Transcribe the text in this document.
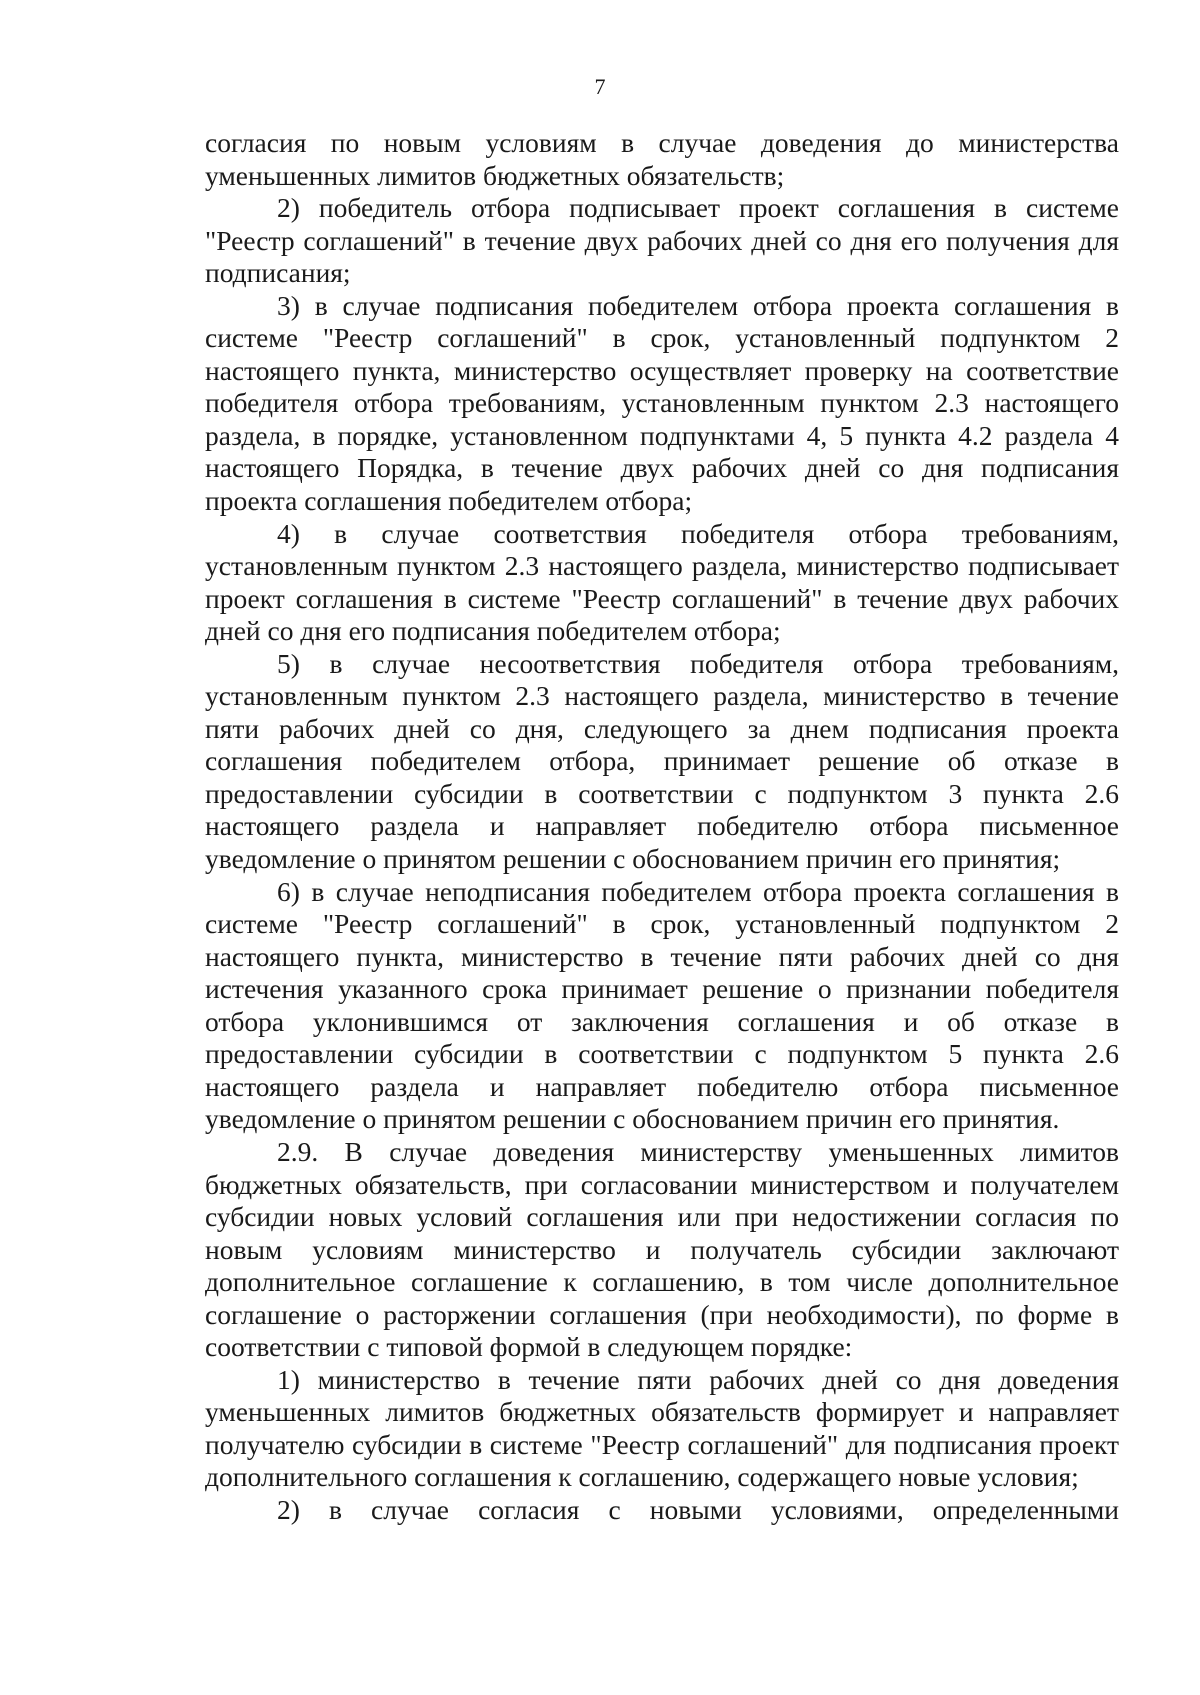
7

согласия по новым условиям в случае доведения до министерства уменьшенных лимитов бюджетных обязательств;

2) победитель отбора подписывает проект соглашения в системе "Реестр соглашений" в течение двух рабочих дней со дня его получения для подписания;

3) в случае подписания победителем отбора проекта соглашения в системе "Реестр соглашений" в срок, установленный подпунктом 2 настоящего пункта, министерство осуществляет проверку на соответствие победителя отбора требованиям, установленным пунктом 2.3 настоящего раздела, в порядке, установленном подпунктами 4, 5 пункта 4.2 раздела 4 настоящего Порядка, в течение двух рабочих дней со дня подписания проекта соглашения победителем отбора;

4) в случае соответствия победителя отбора требованиям, установленным пунктом 2.3 настоящего раздела, министерство подписывает проект соглашения в системе "Реестр соглашений" в течение двух рабочих дней со дня его подписания победителем отбора;

5) в случае несоответствия победителя отбора требованиям, установленным пунктом 2.3 настоящего раздела, министерство в течение пяти рабочих дней со дня, следующего за днем подписания проекта соглашения победителем отбора, принимает решение об отказе в предоставлении субсидии в соответствии с подпунктом 3 пункта 2.6 настоящего раздела и направляет победителю отбора письменное уведомление о принятом решении с обоснованием причин его принятия;

6) в случае неподписания победителем отбора проекта соглашения в системе "Реестр соглашений" в срок, установленный подпунктом 2 настоящего пункта, министерство в течение пяти рабочих дней со дня истечения указанного срока принимает решение о признании победителя отбора уклонившимся от заключения соглашения и об отказе в предоставлении субсидии в соответствии с подпунктом 5 пункта 2.6 настоящего раздела и направляет победителю отбора письменное уведомление о принятом решении с обоснованием причин его принятия.

2.9. В случае доведения министерству уменьшенных лимитов бюджетных обязательств, при согласовании министерством и получателем субсидии новых условий соглашения или при недостижении согласия по новым условиям министерство и получатель субсидии заключают дополнительное соглашение к соглашению, в том числе дополнительное соглашение о расторжении соглашения (при необходимости), по форме в соответствии с типовой формой в следующем порядке:

1) министерство в течение пяти рабочих дней со дня доведения уменьшенных лимитов бюджетных обязательств формирует и направляет получателю субсидии в системе "Реестр соглашений" для подписания проект дополнительного соглашения к соглашению, содержащего новые условия;

2) в случае согласия с новыми условиями, определенными
